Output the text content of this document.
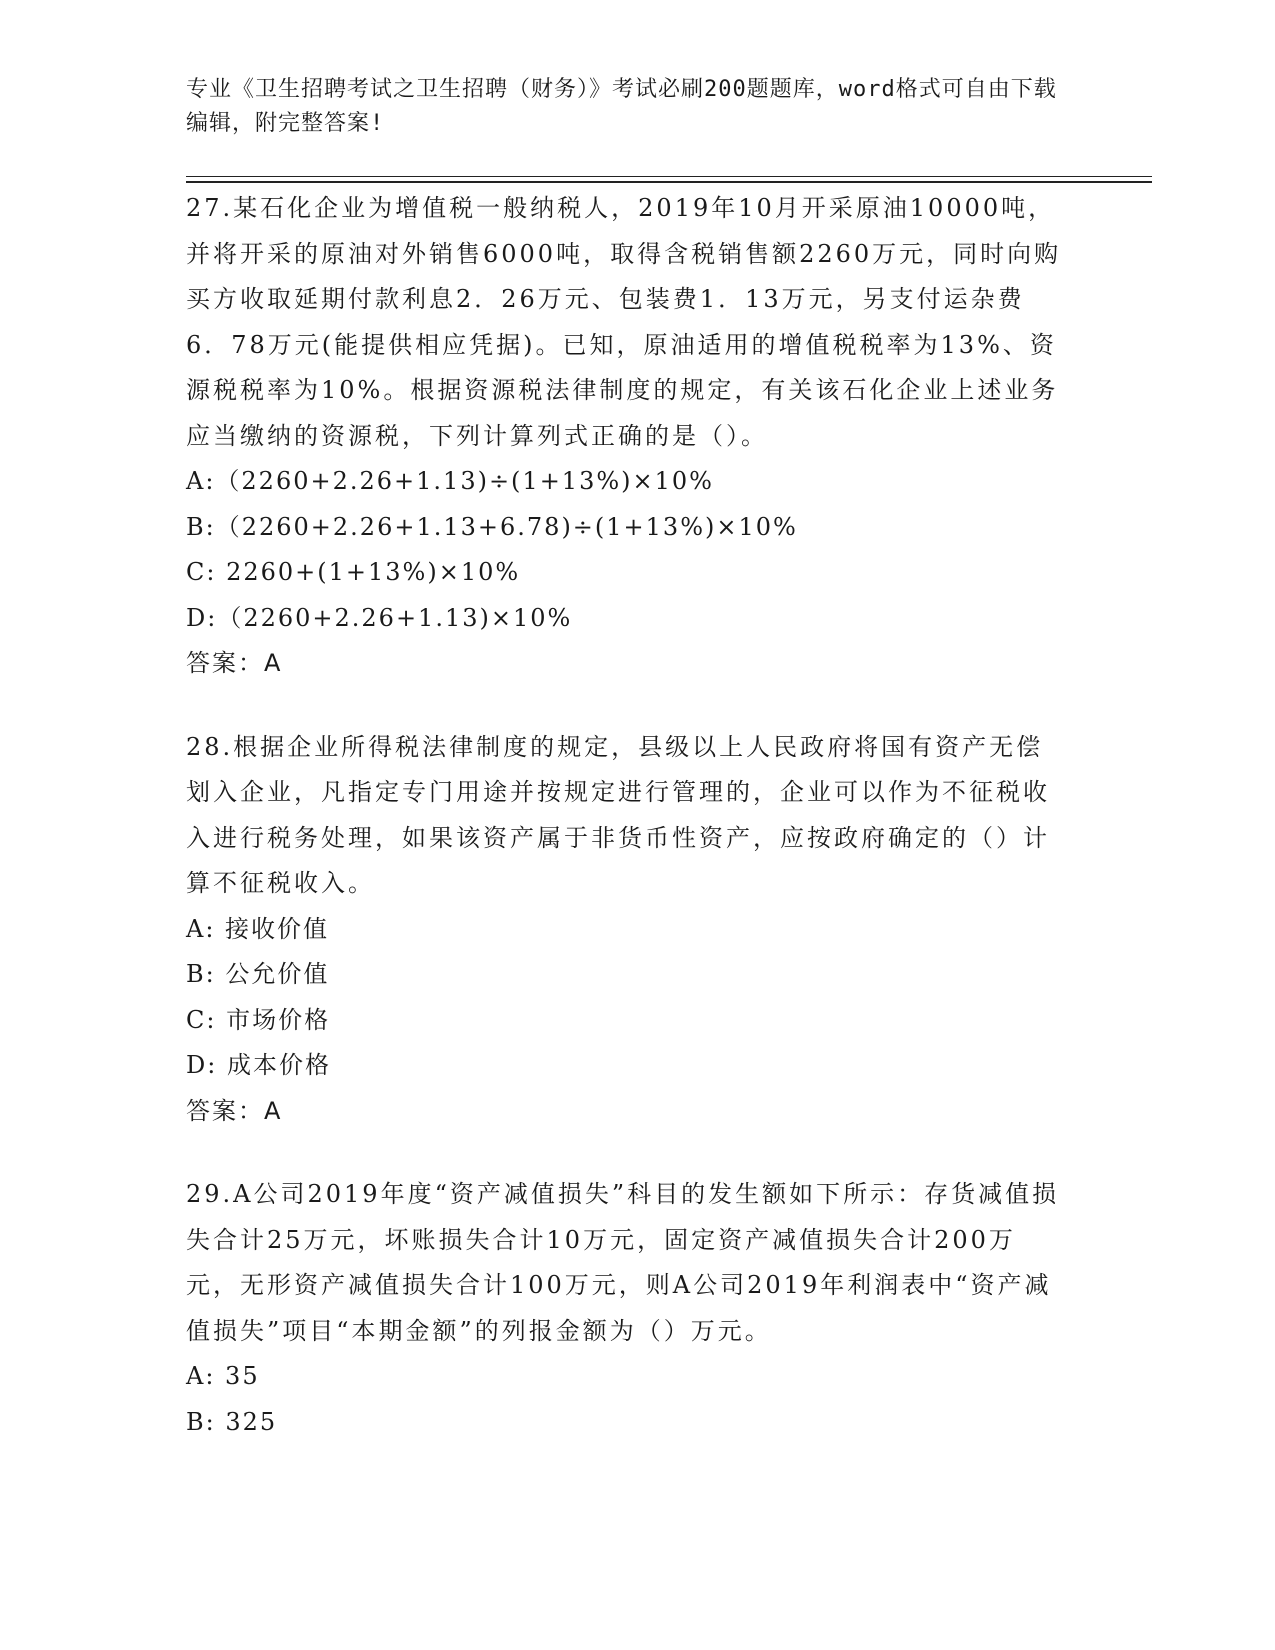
专业《卫生招聘考试之卫生招聘（财务）》考试必刷200题题库，word格式可自由下载编辑，附完整答案!

27.某石化企业为增值税一般纳税人，2019年10月开采原油10000吨，并将开采的原油对外销售6000吨，取得含税销售额2260万元，同时向购买方收取延期付款利息2．26万元、包装费1．13万元，另支付运杂费6．78万元(能提供相应凭据)。已知，原油适用的增值税税率为13%、资源税税率为10%。根据资源税法律制度的规定，有关该石化企业上述业务应当缴纳的资源税，下列计算列式正确的是（）。

A:（2260+2.26+1.13)÷(1+13%)×10%

B:（2260+2.26+1.13+6.78)÷(1+13%)×10%

C: 2260+(1+13%)×10%

D:（2260+2.26+1.13)×10%

答案：A

28.根据企业所得税法律制度的规定，县级以上人民政府将国有资产无偿划入企业，凡指定专门用途并按规定进行管理的，企业可以作为不征税收入进行税务处理，如果该资产属于非货币性资产，应按政府确定的（）计算不征税收入。

A: 接收价值

B: 公允价值

C: 市场价格

D: 成本价格

答案：A

29.A公司2019年度“资产减值损失”科目的发生额如下所示：存货减值损失合计25万元，坏账损失合计10万元，固定资产减值损失合计200万元，无形资产减值损失合计100万元，则A公司2019年利润表中“资产减值损失”项目“本期金额”的列报金额为（）万元。

A: 35

B: 325
